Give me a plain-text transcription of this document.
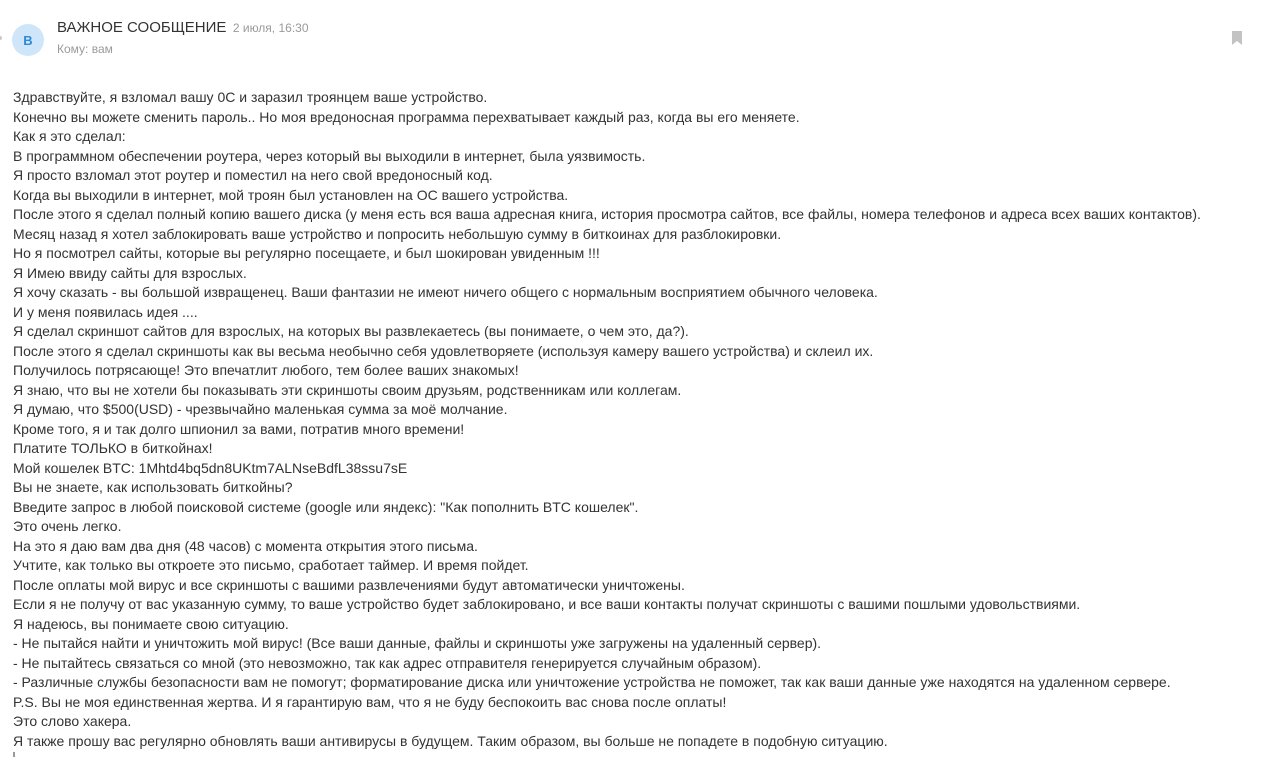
В
ВАЖНОЕ СООБЩЕНИЕ 2 июля, 16:30
Кому: вам
Здравствуйте, я взломал вашу 0С и заразил троянцем ваше устройство.
Конечно вы можете сменить пароль.. Но моя вредоносная программа перехватывает каждый раз, когда вы его меняете.
Как я это сделал:
В программном обеспечении роутера, через который вы выходили в интернет, была уязвимость.
Я просто взломал этот роутер и поместил на него свой вредоносный код.
Когда вы выходили в интернет, мой троян был установлен на ОС вашего устройства.
После этого я сделал полный копию вашего диска (у меня есть вся ваша адресная книга, история просмотра сайтов, все файлы, номера телефонов и адреса всех ваших контактов).
Месяц назад я хотел заблокировать ваше устройство и попросить небольшую сумму в биткоинах для разблокировки.
Но я посмотрел сайты, которые вы регулярно посещаете, и был шокирован увиденным !!!
Я Имею ввиду сайты для взрослых.
Я хочу сказать - вы большой извращенец. Ваши фантазии не имеют ничего общего с нормальным восприятием обычного человека.
И у меня появилась идея ....
Я сделал скриншот сайтов для взрослых, на которых вы развлекаетесь (вы понимаете, о чем это, да?).
После этого я сделал скриншоты как вы весьма необычно себя удовлетворяете (используя камеру вашего устройства) и склеил их.
Получилось потрясающе! Это впечатлит любого, тем более ваших знакомых!
Я знаю, что вы не хотели бы показывать эти скриншоты своим друзьям, родственникам или коллегам.
Я думаю, что $500(USD) - чрезвычайно маленькая сумма за моё молчание.
Кроме того, я и так долго шпионил за вами, потратив много времени!
Платите ТОЛЬКО в биткойнах!
Мой кошелек BTC: 1Mhtd4bq5dn8UKtm7ALNseBdfL38ssu7sE
Вы не знаете, как использовать биткойны?
Введите запрос в любой поисковой системе (google или яндекс): "Как пополнить BTC кошелек".
Это очень легко.
На это я даю вам два дня (48 часов) с момента открытия этого письма.
Учтите, как только вы откроете это письмо, сработает таймер. И время пойдет.
После оплаты мой вирус и все скриншоты с вашими развлечениями будут автоматически уничтожены.
Если я не получу от вас указанную сумму, то ваше устройство будет заблокировано, и все ваши контакты получат скриншоты с вашими пошлыми удовольствиями.
Я надеюсь, вы понимаете свою ситуацию.
- Не пытайся найти и уничтожить мой вирус! (Все ваши данные, файлы и скриншоты уже загружены на удаленный сервер).
- Не пытайтесь связаться со мной (это невозможно, так как адрес отправителя генерируется случайным образом).
- Различные службы безопасности вам не помогут; форматирование диска или уничтожение устройства не поможет, так как ваши данные уже находятся на удаленном сервере.
P.S. Вы не моя единственная жертва. И я гарантирую вам, что я не буду беспокоить вас снова после оплаты!
Это слово хакера.
Я также прошу вас регулярно обновлять ваши антивирусы в будущем. Таким образом, вы больше не попадете в подобную ситуацию.
